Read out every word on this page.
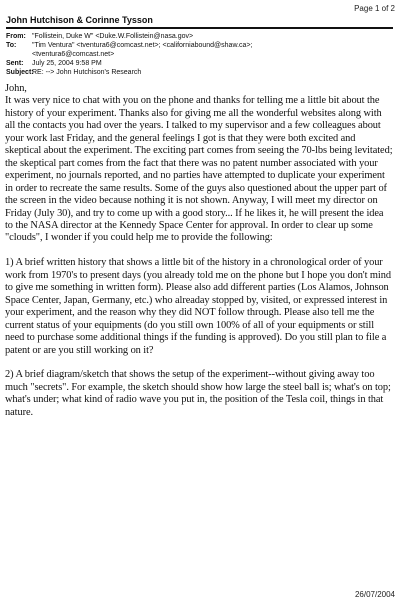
Page 1 of 2
John Hutchison & Corinne Tysson
From: "Follistein, Duke W" <Duke.W.Follistein@nasa.gov>
To:	"Tim Ventura" <tventura6@comcast.net>; <californiabound@shaw.ca>;
<tventura6@comcast.net>
Sent:	July 25, 2004 9:58 PM
Subject:
RE: --> John Hutchison's Research

John,

It was very nice to chat with you on the phone and thanks for telling me a little bit about the history of your experiment. Thanks also for giving me all the wonderful websites along with all the contacts you had over the years. I talked to my supervisor and a few colleagues about your work last Friday, and the general feelings I got is that they were both excited and skeptical about the experiment. The exciting part comes from seeing the 70-lbs being levitated; the skeptical part comes from the fact that there was no patent number associated with your experiment, no journals reported, and no parties have attempted to duplicate your experiment in order to recreate the same results. Some of the guys also questioned about the upper part of the screen in the video because nothing it is not shown. Anyway, I will meet my director on Friday (July 30), and try to come up with a good story... If he likes it, he will present the idea to the NASA director at the Kennedy Space Center for approval. In order to clear up some "clouds", I wonder if you could help me to provide the following:

1) A brief written history that shows a little bit of the history in a chronological order of your work from 1970's to present days (you already told me on the phone but I hope you don't mind to give me something in written form). Please also add different parties (Los Alamos, Johnson Space Center, Japan, Germany, etc.) who alreaday stopped by, visited, or expressed interest in your experiment, and the reason why they did NOT follow through. Please also tell me the current status of your equipments (do you still own 100% of all of your equipments or still need to purchase some additional things if the funding is approved). Do you still plan to file a patent or are you still working on it?

2) A brief diagram/sketch that shows the setup of the experiment--without giving away too much "secrets". For example, the sketch should show how large the steel ball is; what's on top; what's under; what kind of radio wave you put in, the position of the Tesla coil, things in that nature.

26/07/2004
